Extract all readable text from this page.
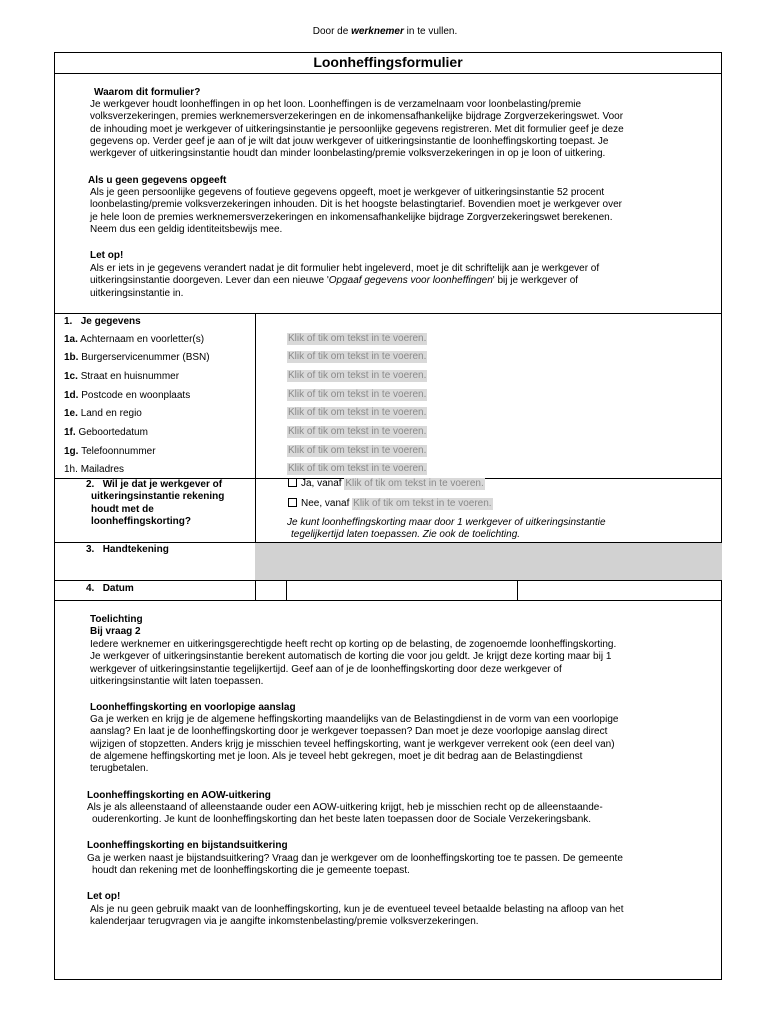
Door de werknemer in te vullen.
Loonheffingsformulier
Waarom dit formulier?
Je werkgever houdt loonheffingen in op het loon. Loonheffingen is de verzamelnaam voor loonbelasting/premie
volksverzekeringen, premies werknemersverzekeringen en de inkomensafhankelijke bijdrage Zorgverzekeringswet. Voor
de inhouding moet je werkgever of uitkeringsinstantie je persoonlijke gegevens registreren. Met dit formulier geef je deze
gegevens op. Verder geef je aan of je wilt dat jouw werkgever of uitkeringsinstantie de loonheffingskorting toepast. Je
werkgever of uitkeringsinstantie houdt dan minder loonbelasting/premie volksverzekeringen in op je loon of uitkering.
Als u geen gegevens opgeeft
Als je geen persoonlijke gegevens of foutieve gegevens opgeeft, moet je werkgever of uitkeringsinstantie 52 procent
loonbelasting/premie volksverzekeringen inhouden. Dit is het hoogste belastingtarief. Bovendien moet je werkgever over
je hele loon de premies werknemersverzekeringen en inkomensafhankelijke bijdrage Zorgverzekeringswet berekenen.
Neem dus een geldig identiteitsbewijs mee.
Let op!
Als er iets in je gegevens verandert nadat je dit formulier hebt ingeleverd, moet je dit schriftelijk aan je werkgever of
uitkeringsinstantie doorgeven. Lever dan een nieuwe 'Opgaaf gegevens voor loonheffingen' bij je werkgever of
uitkeringsinstantie in.
1. Je gegevens
1a. Achternaam en voorletter(s)	Klik of tik om tekst in te voeren.
1b. Burgerservicenummer (BSN)	Klik of tik om tekst in te voeren.
1c. Straat en huisnummer	Klik of tik om tekst in te voeren.
1d. Postcode en woonplaats	Klik of tik om tekst in te voeren.
1e. Land en regio	Klik of tik om tekst in te voeren.
1f. Geboortedatum	Klik of tik om tekst in te voeren.
1g. Telefoonnummer	Klik of tik om tekst in te voeren.
1h. Mailadres	Klik of tik om tekst in te voeren.
2. Wil je dat je werkgever of
uitkeringsinstantie rekening
houdt met de
loonheffingskorting?
Ja, vanaf Klik of tik om tekst in te voeren.
Nee, vanaf Klik of tik om tekst in te voeren.
Je kunt loonheffingskorting maar door 1 werkgever of uitkeringsinstantie
tegelijkertijd laten toepassen. Zie ook de toelichting.
3. Handtekening
4. Datum
Toelichting
Bij vraag 2
Iedere werknemer en uitkeringsgerechtigde heeft recht op korting op de belasting, de zogenoemde loonheffingskorting.
Je werkgever of uitkeringsinstantie berekent automatisch de korting die voor jou geldt. Je krijgt deze korting maar bij 1
werkgever of uitkeringsinstantie tegelijkertijd. Geef aan of je de loonheffingskorting door deze werkgever of
uitkeringsinstantie wilt laten toepassen.
Loonheffingskorting en voorlopige aanslag
Ga je werken en krijg je de algemene heffingskorting maandelijks van de Belastingdienst in de vorm van een voorlopige
aanslag? En laat je de loonheffingskorting door je werkgever toepassen? Dan moet je deze voorlopige aanslag direct
wijzigen of stopzetten. Anders krijg je misschien teveel heffingskorting, want je werkgever verrekent ook (een deel van)
de algemene heffingskorting met je loon. Als je teveel hebt gekregen, moet je dit bedrag aan de Belastingdienst
terugbetalen.
Loonheffingskorting en AOW-uitkering
Als je als alleenstaand of alleenstaande ouder een AOW-uitkering krijgt, heb je misschien recht op de alleenstaande-
ouderenkorting. Je kunt de loonheffingskorting dan het beste laten toepassen door de Sociale Verzekeringsbank.
Loonheffingskorting en bijstandsuitkering
Ga je werken naast je bijstandsuitkering? Vraag dan je werkgever om de loonheffingskorting toe te passen. De gemeente
houdt dan rekening met de loonheffingskorting die je gemeente toepast.
Let op!
Als je nu geen gebruik maakt van de loonheffingskorting, kun je de eventueel teveel betaalde belasting na afloop van het
kalenderjaar terugvragen via je aangifte inkomstenbelasting/premie volksverzekeringen.
